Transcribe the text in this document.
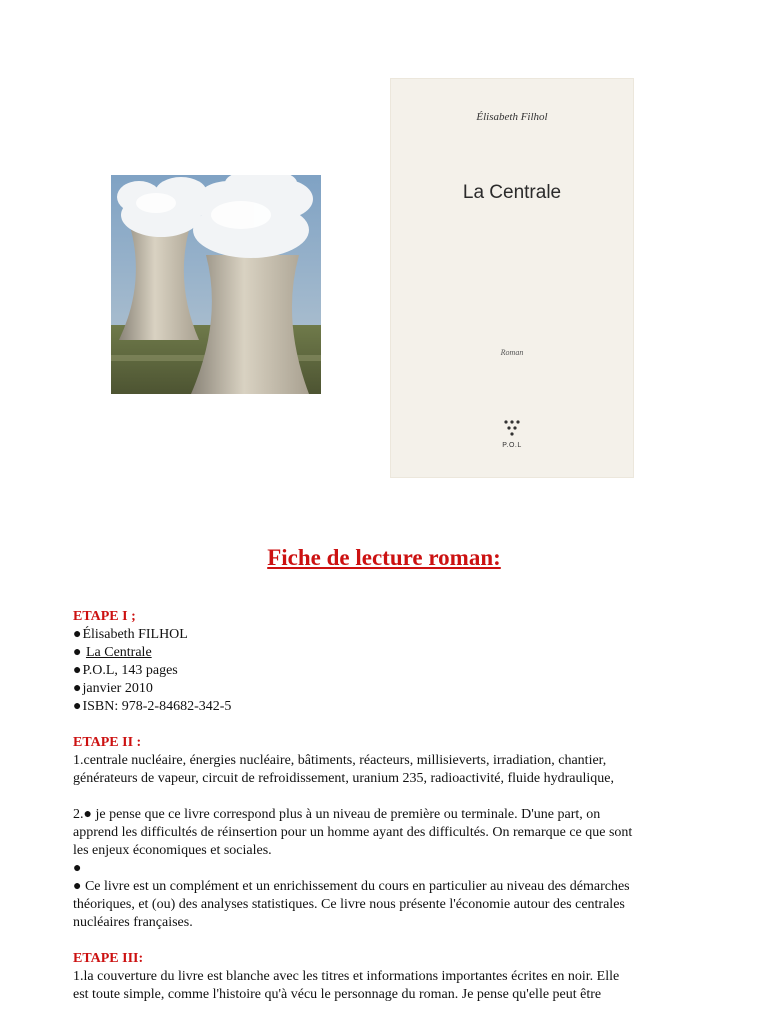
Élisabeth Filhol
La Centrale
Roman
P.O.L
Fiche de lecture roman:

ETAPE I ;

●Élisabeth FILHOL

● La Centrale

●P.O.L, 143 pages

●janvier 2010

●ISBN: 978-2-84682-342-5

ETAPE II :

1.centrale nucléaire, énergies nucléaire, bâtiments, réacteurs, millisieverts, irradiation, chantier,

générateurs de vapeur, circuit de refroidissement, uranium 235, radioactivité, fluide hydraulique,

2.● je pense que ce livre correspond plus à un niveau de première ou terminale. D'une part, on

apprend les difficultés de réinsertion pour un homme ayant des difficultés. On remarque ce que sont

les enjeux économiques et sociales.

●

● Ce livre est un complément et un enrichissement du cours en particulier au niveau des démarches

théoriques, et (ou) des analyses statistiques. Ce livre nous présente l'économie autour des centrales

nucléaires françaises.

ETAPE III:

1.la couverture du livre est blanche avec les titres et informations importantes écrites en noir. Elle

est toute simple, comme l'histoire qu'à vécu le personnage du roman. Je pense qu'elle peut être
